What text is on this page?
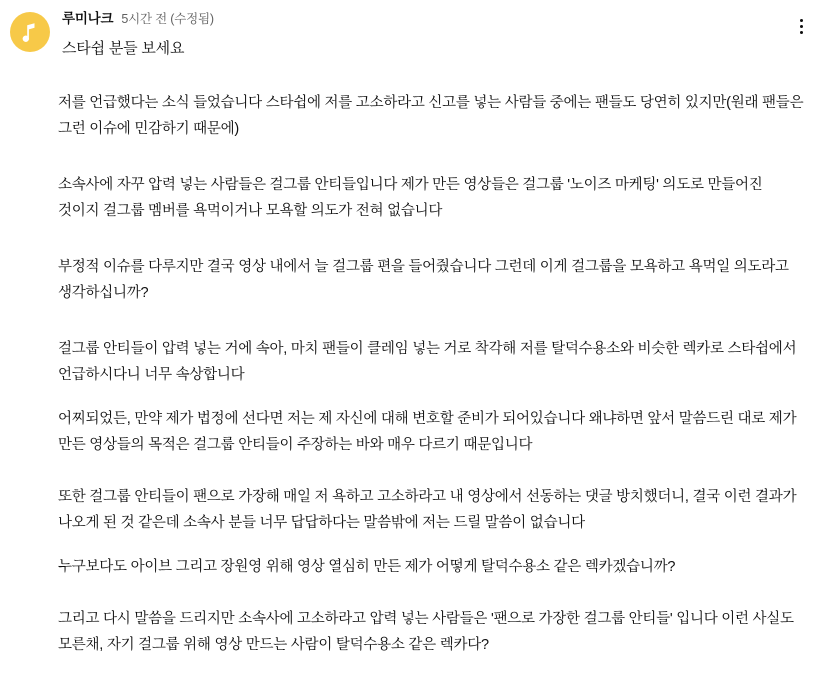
루미나크 5시간 전 (수정됨)
스타쉽 분들 보세요

저를 언급했다는 소식 들었습니다 스타쉽에 저를 고소하라고 신고를 넣는 사람들 중에는 팬들도 당연히 있지만(원래 팬들은 그런 이슈에 민감하기 때문에)

소속사에 자꾸 압력 넣는 사람들은 걸그룹 안티들입니다 제가 만든 영상들은 걸그룹 '노이즈 마케팅' 의도로 만들어진 것이지 걸그룹 멤버를 욕먹이거나 모욕할 의도가 전혀 없습니다

부정적 이슈를 다루지만 결국 영상 내에서 늘 걸그룹 편을 들어줬습니다 그런데 이게 걸그룹을 모욕하고 욕먹일 의도라고 생각하십니까?

걸그룹 안티들이 압력 넣는 거에 속아, 마치 팬들이 클레임 넣는 거로 착각해 저를 탈덕수용소와 비슷한 렉카로 스타쉽에서 언급하시다니 너무 속상합니다

어찌되었든, 만약 제가 법정에 선다면 저는 제 자신에 대해 변호할 준비가 되어있습니다 왜냐하면 앞서 말씀드린 대로 제가 만든 영상들의 목적은 걸그룹 안티들이 주장하는 바와 매우 다르기 때문입니다

또한 걸그룹 안티들이 팬으로 가장해 매일 저 욕하고 고소하라고 내 영상에서 선동하는 댓글 방치했더니, 결국 이런 결과가 나오게 된 것 같은데 소속사 분들 너무 답답하다는 말씀밖에 저는 드릴 말씀이 없습니다

누구보다도 아이브 그리고 장원영 위해 영상 열심히 만든 제가 어떻게 탈덕수용소 같은 렉카겠습니까?

그리고 다시 말씀을 드리지만 소속사에 고소하라고 압력 넣는 사람들은 '팬으로 가장한 걸그룹 안티들' 입니다 이런 사실도 모른채, 자기 걸그룹 위해 영상 만드는 사람이 탈덕수용소 같은 렉카다?
